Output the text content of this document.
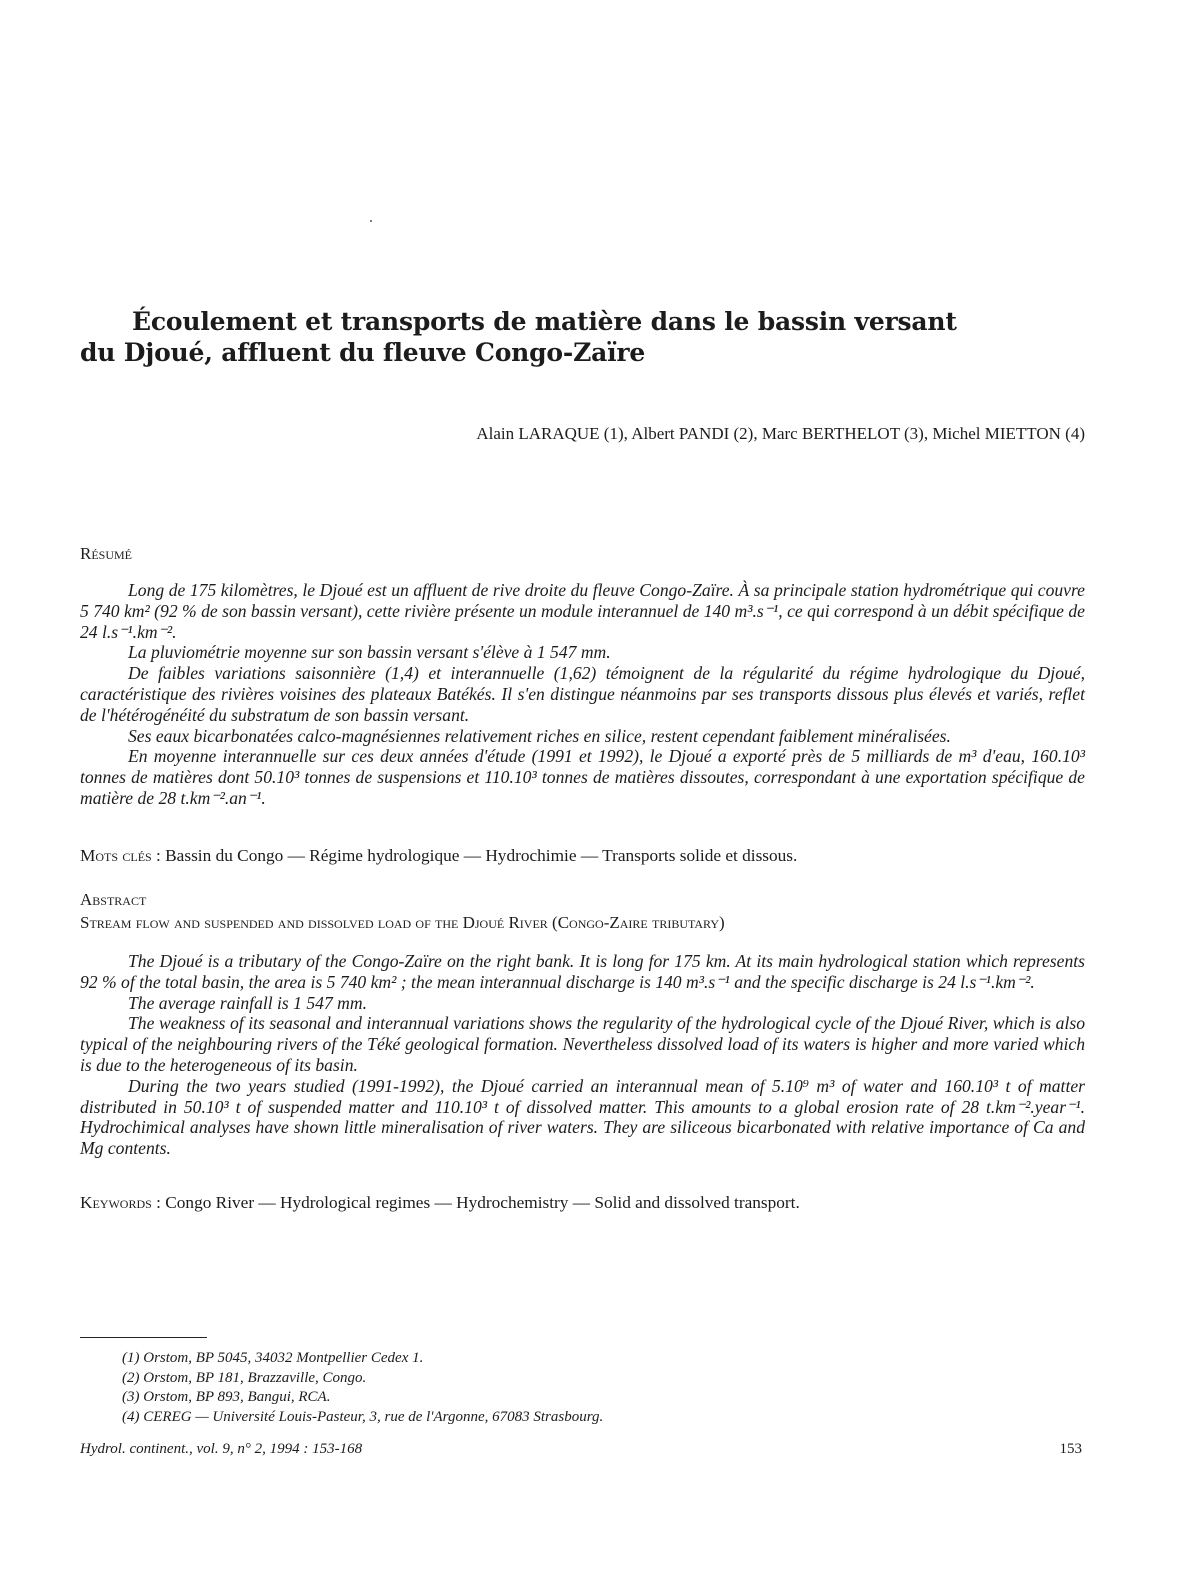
Écoulement et transports de matière dans le bassin versant
du Djoué, affluent du fleuve Congo-Zaïre
Alain LARAQUE (1), Albert PANDI (2), Marc BERTHELOT (3), Michel MIETTON (4)
Résumé

Long de 175 kilomètres, le Djoué est un affluent de rive droite du fleuve Congo-Zaïre. À sa principale station hydrométrique qui couvre 5 740 km² (92 % de son bassin versant), cette rivière présente un module interannuel de 140 m³.s⁻¹, ce qui correspond à un débit spécifique de 24 l.s⁻¹.km⁻².

La pluviométrie moyenne sur son bassin versant s'élève à 1 547 mm.

De faibles variations saisonnière (1,4) et interannuelle (1,62) témoignent de la régularité du régime hydrologique du Djoué, caractéristique des rivières voisines des plateaux Batékés. Il s'en distingue néanmoins par ses transports dissous plus élevés et variés, reflet de l'hétérogénéité du substratum de son bassin versant.

Ses eaux bicarbonatées calco-magnésiennes relativement riches en silice, restent cependant faiblement minéralisées.

En moyenne interannuelle sur ces deux années d'étude (1991 et 1992), le Djoué a exporté près de 5 milliards de m³ d'eau, 160.10³ tonnes de matières dont 50.10³ tonnes de suspensions et 110.10³ tonnes de matières dissoutes, correspondant à une exportation spécifique de matière de 28 t.km⁻².an⁻¹.

Mots clés : Bassin du Congo — Régime hydrologique — Hydrochimie — Transports solide et dissous.
Abstract
Stream flow and suspended and dissolved load of the Djoué River (Congo-Zaire tributary)

The Djoué is a tributary of the Congo-Zaïre on the right bank. It is long for 175 km. At its main hydrological station which represents 92 % of the total basin, the area is 5 740 km² ; the mean interannual discharge is 140 m³.s⁻¹ and the specific discharge is 24 l.s⁻¹.km⁻².

The average rainfall is 1 547 mm.

The weakness of its seasonal and interannual variations shows the regularity of the hydrological cycle of the Djoué River, which is also typical of the neighbouring rivers of the Téké geological formation. Nevertheless dissolved load of its waters is higher and more varied which is due to the heterogeneous of its basin.

During the two years studied (1991-1992), the Djoué carried an interannual mean of 5.10⁹ m³ of water and 160.10³ t of matter distributed in 50.10³ t of suspended matter and 110.10³ t of dissolved matter. This amounts to a global erosion rate of 28 t.km⁻².year⁻¹. Hydrochimical analyses have shown little mineralisation of river waters. They are siliceous bicarbonated with relative importance of Ca and Mg contents.

Keywords : Congo River — Hydrological regimes — Hydrochemistry — Solid and dissolved transport.
(1) Orstom, BP 5045, 34032 Montpellier Cedex 1.
(2) Orstom, BP 181, Brazzaville, Congo.
(3) Orstom, BP 893, Bangui, RCA.
(4) CEREG — Université Louis-Pasteur, 3, rue de l'Argonne, 67083 Strasbourg.
Hydrol. continent., vol. 9, n° 2, 1994 : 153-168	153
